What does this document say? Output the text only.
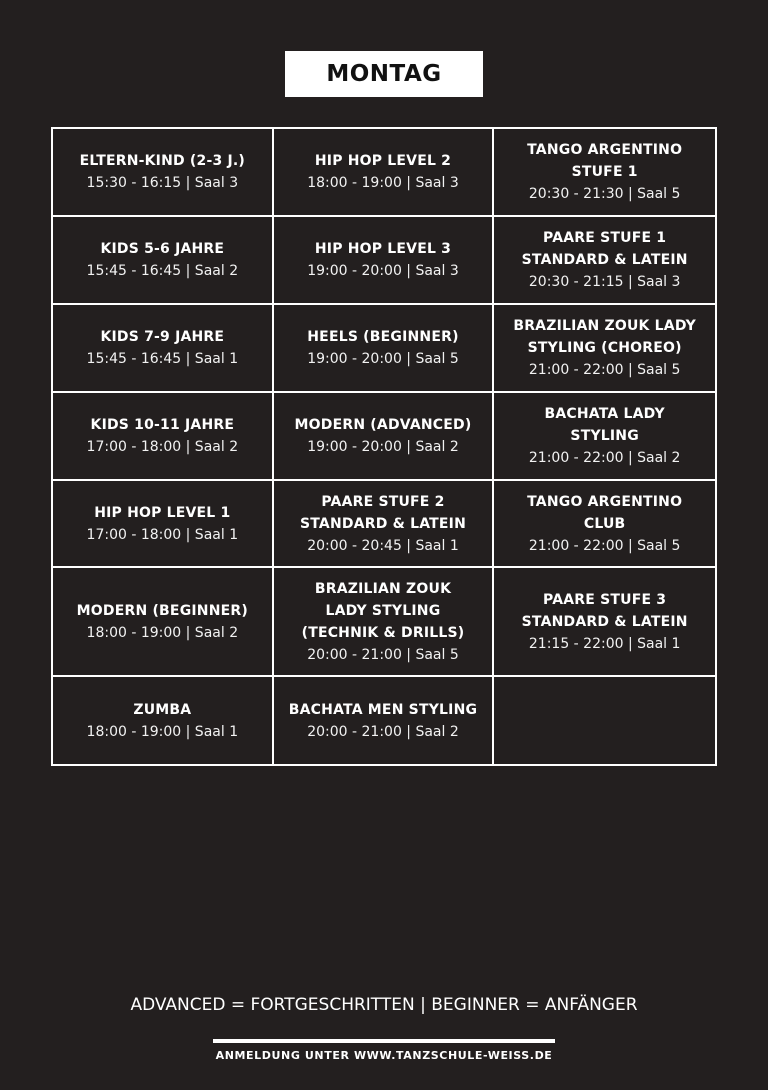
MONTAG
ELTERN-KIND (2-3 J.)
15:30 - 16:15 | Saal 3
HIP HOP LEVEL 2
18:00 - 19:00 | Saal 3
TANGO ARGENTINO
STUFE 1
20:30 - 21:30 | Saal 5
KIDS 5-6 JAHRE
15:45 - 16:45 | Saal 2
HIP HOP LEVEL 3
19:00 - 20:00 | Saal 3
PAARE STUFE 1
STANDARD & LATEIN
20:30 - 21:15 | Saal 3
KIDS 7-9 JAHRE
15:45 - 16:45 | Saal 1
HEELS (BEGINNER)
19:00 - 20:00 | Saal 5
BRAZILIAN ZOUK LADY
STYLING (CHOREO)
21:00 - 22:00 | Saal 5
KIDS 10-11 JAHRE
17:00 - 18:00 | Saal 2
MODERN (ADVANCED)
19:00 - 20:00 | Saal 2
BACHATA LADY
STYLING
21:00 - 22:00 | Saal 2
HIP HOP LEVEL 1
17:00 - 18:00 | Saal 1
PAARE STUFE 2
STANDARD & LATEIN
20:00 - 20:45 | Saal 1
TANGO ARGENTINO
CLUB
21:00 - 22:00 | Saal 5
MODERN (BEGINNER)
18:00 - 19:00 | Saal 2
BRAZILIAN ZOUK
LADY STYLING
(TECHNIK & DRILLS)
20:00 - 21:00 | Saal 5
PAARE STUFE 3
STANDARD & LATEIN
21:15 - 22:00 | Saal 1
ZUMBA
18:00 - 19:00 | Saal 1
BACHATA MEN STYLING
20:00 - 21:00 | Saal 2
ADVANCED = FORTGESCHRITTEN | BEGINNER = ANFÄNGER
ANMELDUNG UNTER WWW.TANZSCHULE-WEISS.DE
